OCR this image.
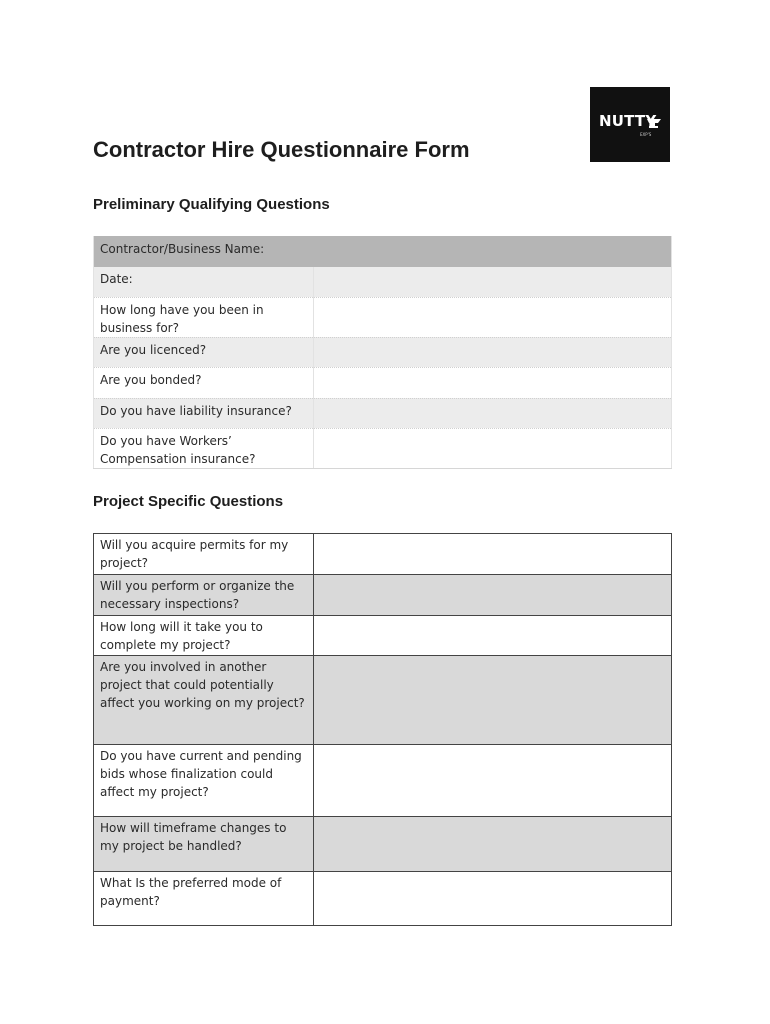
NUTTY
EXP'S
Contractor Hire Questionnaire Form
Preliminary Qualifying Questions
Contractor/Business Name:	
Date:	
How long have you been in business for?	
Are you licenced?	
Are you bonded?	
Do you have liability insurance?	
Do you have Workers’ Compensation insurance?	
Project Specific Questions
Will you acquire permits for my project?	
Will you perform or organize the necessary inspections?	
How long will it take you to complete my project?	
Are you involved in another project that could potentially affect you working on my project?	
Do you have current and pending bids whose finalization could affect my project?	
How will timeframe changes to my project be handled?	
What Is the preferred mode of payment?	
